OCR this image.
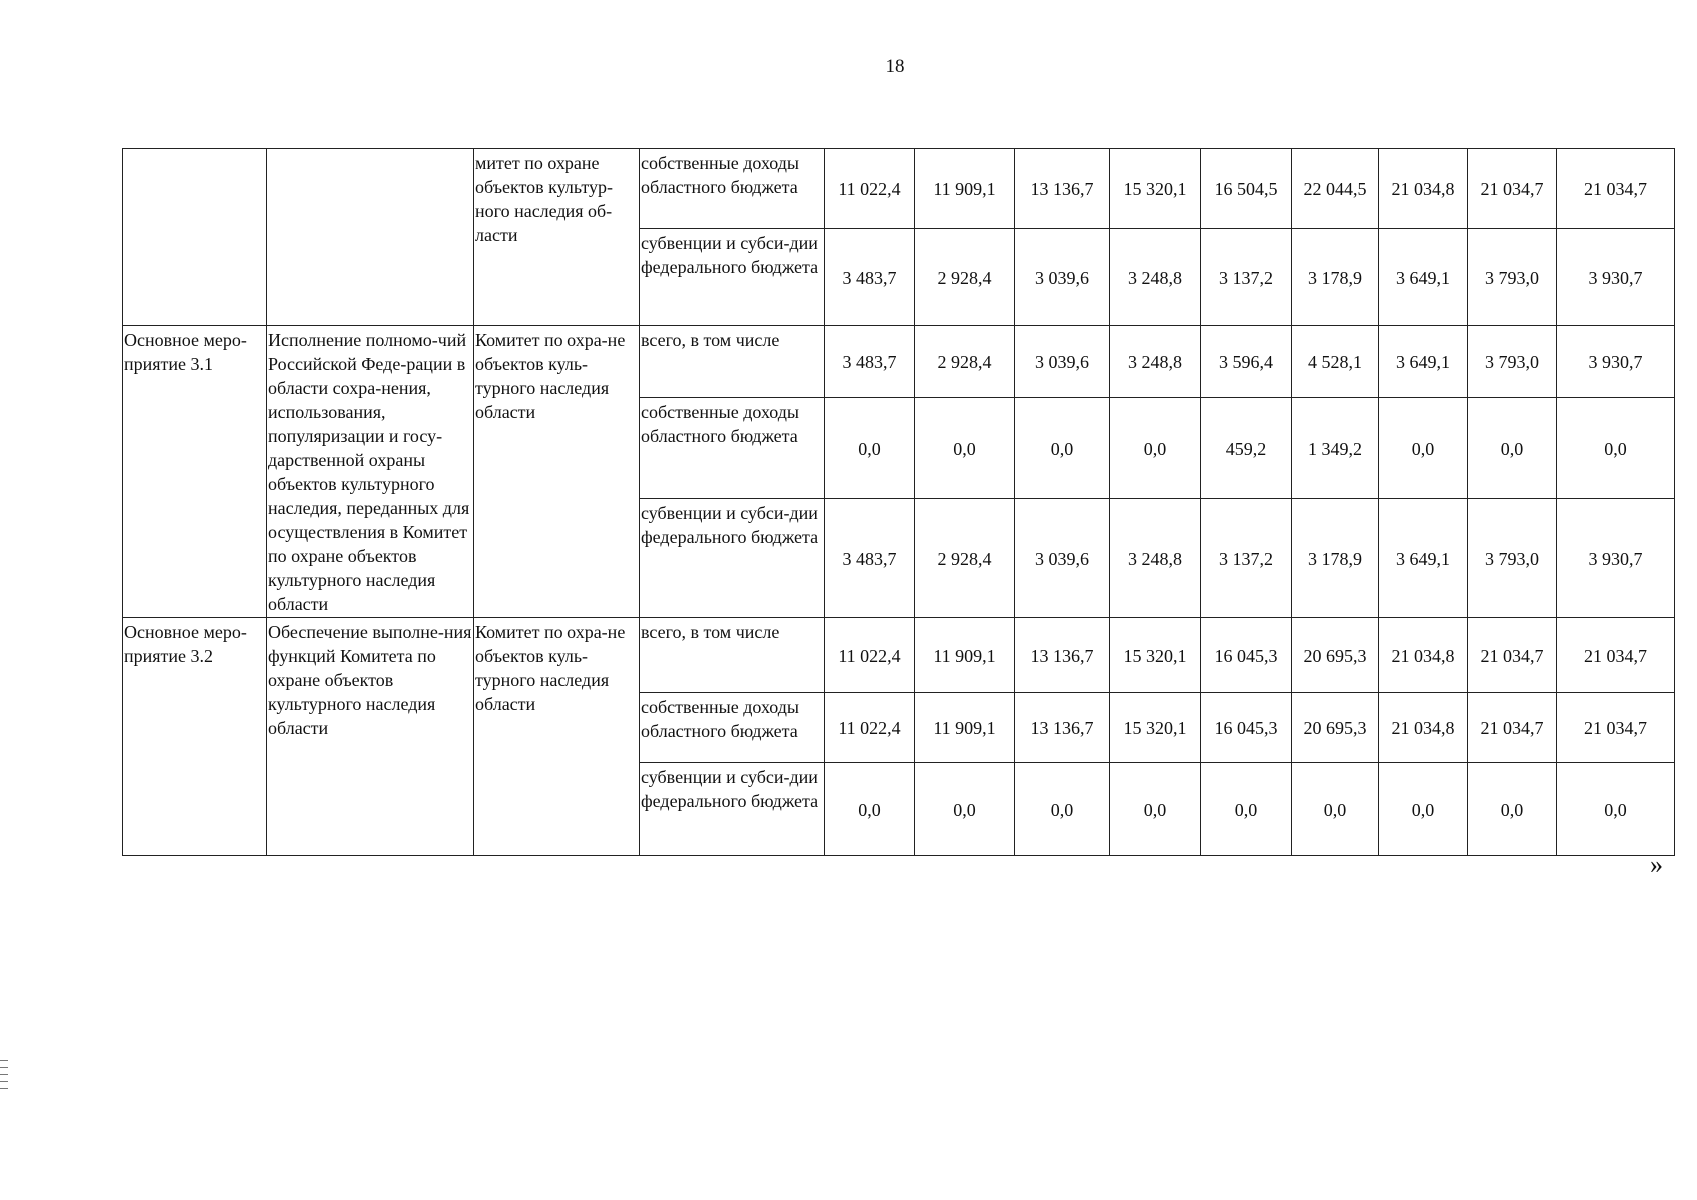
18
		митет по охране объектов культур-ного наследия об-ласти	собственные доходы областного бюджета	11 022,4	11 909,1	13 136,7	15 320,1	16 504,5	22 044,5	21 034,8	21 034,7	21 034,7
			субвенции и субси-дии федерального бюджета	3 483,7	2 928,4	3 039,6	3 248,8	3 137,2	3 178,9	3 649,1	3 793,0	3 930,7
Основное меро-приятие 3.1	Исполнение полномо-чий Российской Феде-рации в области сохра-нения, использования, популяризации и госу-дарственной охраны объектов культурного наследия, переданных для осуществления в Комитет по охране объектов культурного наследия области	Комитет по охра-не объектов куль-турного наследия области	всего, в том числе	3 483,7	2 928,4	3 039,6	3 248,8	3 596,4	4 528,1	3 649,1	3 793,0	3 930,7
			собственные доходы областного бюджета	0,0	0,0	0,0	0,0	459,2	1 349,2	0,0	0,0	0,0
			субвенции и субси-дии федерального бюджета	3 483,7	2 928,4	3 039,6	3 248,8	3 137,2	3 178,9	3 649,1	3 793,0	3 930,7
Основное меро-приятие 3.2	Обеспечение выполне-ния функций Комитета по охране объектов культурного наследия области	Комитет по охра-не объектов куль-турного наследия области	всего, в том числе	11 022,4	11 909,1	13 136,7	15 320,1	16 045,3	20 695,3	21 034,8	21 034,7	21 034,7
			собственные доходы областного бюджета	11 022,4	11 909,1	13 136,7	15 320,1	16 045,3	20 695,3	21 034,8	21 034,7	21 034,7
			субвенции и субси-дии федерального бюджета	0,0	0,0	0,0	0,0	0,0	0,0	0,0	0,0	0,0
»
